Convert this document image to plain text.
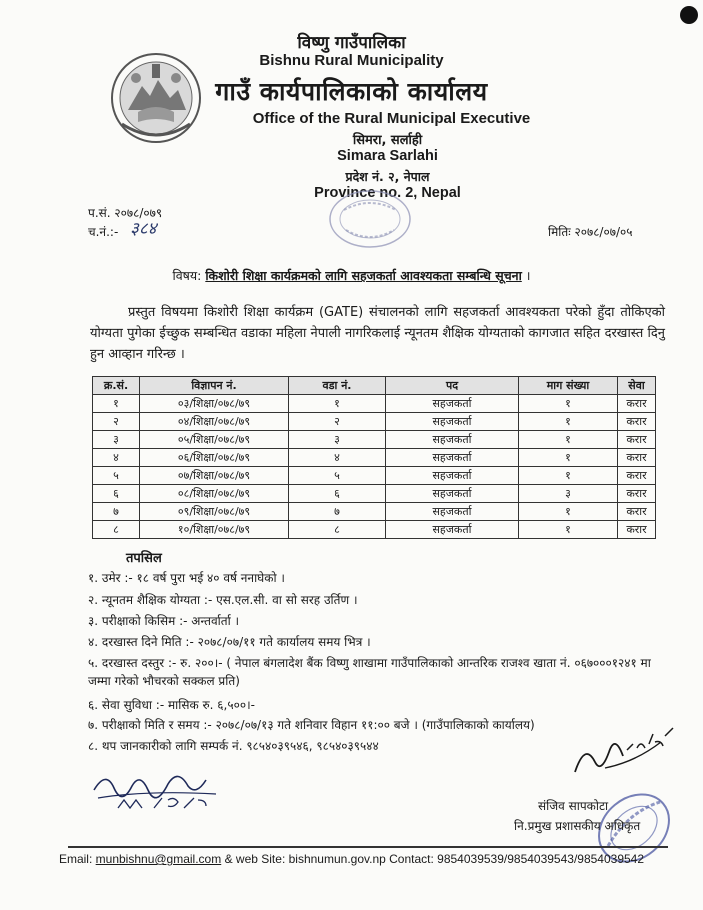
विष्णु गाउँपालिका
Bishnu Rural Municipality
गाउँ कार्यपालिकाको कार्यालय
Office of the Rural Municipal Executive
सिमरा, सर्लाही
Simara Sarlahi
प्रदेश नं. २, नेपाल
Province no. 2, Nepal
प.सं. २०७८/०७९
च.नं.:- ३८४	मितिः २०७८/०७/०५
विषय: किशोरी शिक्षा कार्यक्रमको लागि सहजकर्ता आवश्यकता सम्बन्धि सूचना ।
प्रस्तुत विषयमा किशोरी शिक्षा कार्यक्रम (GATE) संचालनको लागि सहजकर्ता आवश्यकता परेको हुँदा तोकिएको योग्यता पुगेका ईच्छुक सम्बन्धित वडाका महिला नेपाली नागरिकलाई न्यूनतम शैक्षिक योग्यताको कागजात सहित दरखास्त दिनु हुन आव्हान गरिन्छ ।
क्र.सं.	विज्ञापन नं.	वडा नं.	पद	माग संख्या	सेवा
१	०३/शिक्षा/०७८/७९	१	सहजकर्ता	१	करार
२	०४/शिक्षा/०७८/७९	२	सहजकर्ता	१	करार
३	०५/शिक्षा/०७८/७९	३	सहजकर्ता	१	करार
४	०६/शिक्षा/०७८/७९	४	सहजकर्ता	१	करार
५	०७/शिक्षा/०७८/७९	५	सहजकर्ता	१	करार
६	०८/शिक्षा/०७८/७९	६	सहजकर्ता	३	करार
७	०९/शिक्षा/०७८/७९	७	सहजकर्ता	१	करार
८	१०/शिक्षा/०७८/७९	८	सहजकर्ता	१	करार
तपसिल
१. उमेर :- १८ वर्ष पुरा भई ४० वर्ष ननाघेको ।
२. न्यूनतम शैक्षिक योग्यता :- एस.एल.सी. वा सो सरह उर्तिण ।
३. परीक्षाको किसिम :- अन्तर्वार्ता ।
४. दरखास्त दिने मिति :- २०७८/०७/११ गते कार्यालय समय भित्र ।
५. दरखास्त दस्तुर :- रु. २००।- ( नेपाल बंगलादेश बैंक विष्णु शाखामा गाउँपालिकाको आन्तरिक राजश्व खाता नं. ०६७०००१२४१ मा जम्मा गरेको भौचरको सक्कल प्रति)
६. सेवा सुविधा :- मासिक रु. ६,५००।-
७. परीक्षाको मिति र समय :- २०७८/०७/१३ गते शनिवार विहान ११:०० बजे । (गाउँपालिकाको कार्यालय)
८. थप जानकारीको लागि सम्पर्क नं. ९८५४०३९५४६, ९८५४०३९५४४
संजिव सापकोटा
नि.प्रमुख प्रशासकीय अधिकृत
Email: munbishnu@gmail.com & web Site: bishnumun.gov.np Contact: 9854039539/9854039543/9854039542
